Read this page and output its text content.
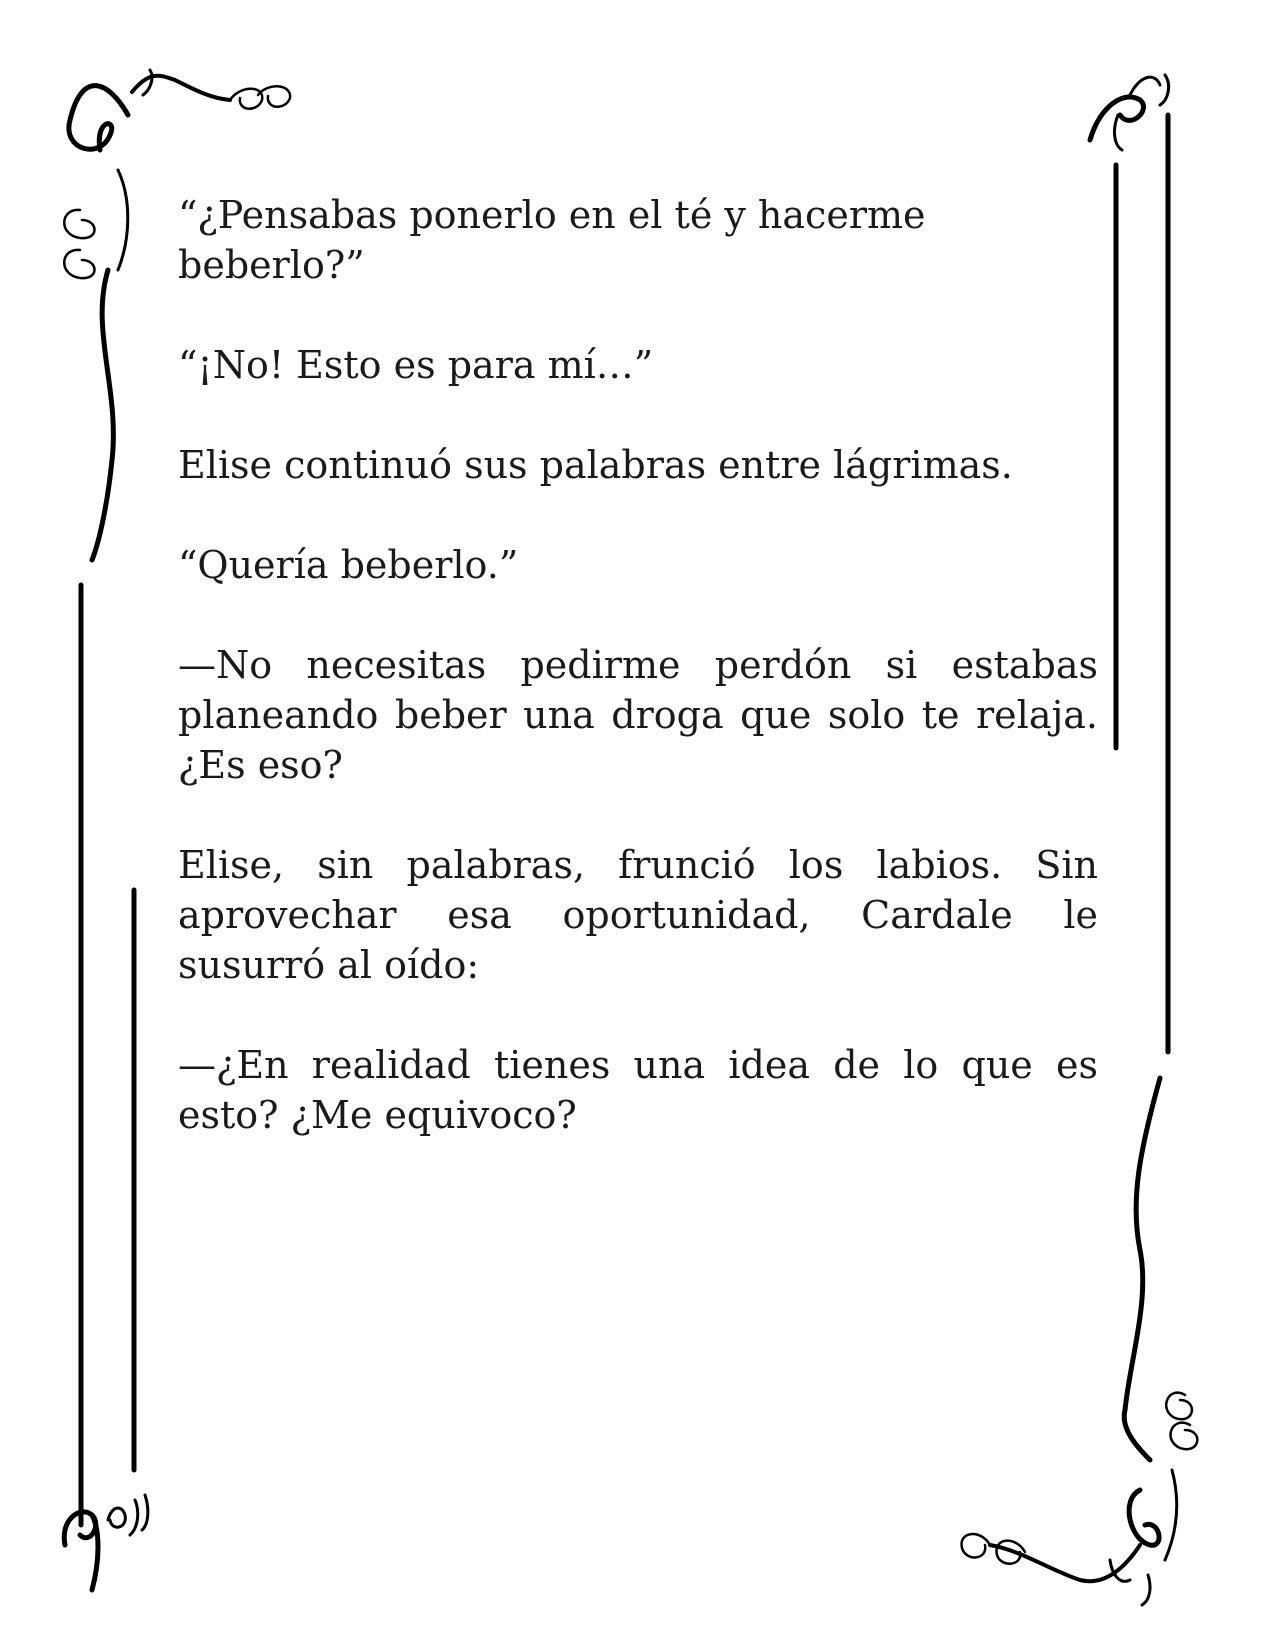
“¿Pensabas ponerlo en el té y hacerme beberlo?”

“¡No! Esto es para mí…”

Elise continuó sus palabras entre lágrimas.

“Quería beberlo.”

—No necesitas pedirme perdón si estabas planeando beber una droga que solo te relaja. ¿Es eso?

Elise, sin palabras, frunció los labios. Sin aprovechar esa oportunidad, Cardale le susurró al oído:

—¿En realidad tienes una idea de lo que es esto? ¿Me equivoco?
